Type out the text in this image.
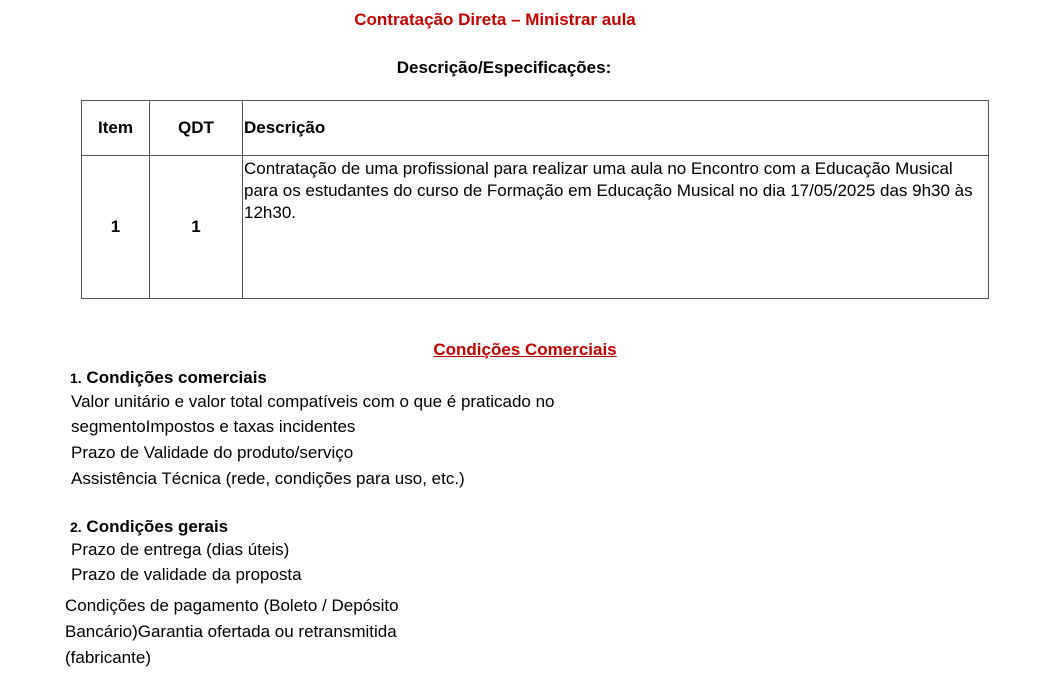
Contratação Direta – Ministrar aula
Descrição/Especificações:
Item	QDT	Descrição
1	1	Contratação de uma profissional para realizar uma aula no Encontro com a Educação Musical para os estudantes do curso de Formação em Educação Musical no dia 17/05/2025 das 9h30 às 12h30.
Condições Comerciais
1. Condições comerciais
Valor unitário e valor total compatíveis com o que é praticado no
segmentoImpostos e taxas incidentes
Prazo de Validade do produto/serviço
Assistência Técnica (rede, condições para uso, etc.)
2. Condições gerais
Prazo de entrega (dias úteis)
Prazo de validade da proposta
Condições de pagamento (Boleto / Depósito
Bancário)Garantia ofertada ou retransmitida
(fabricante)
